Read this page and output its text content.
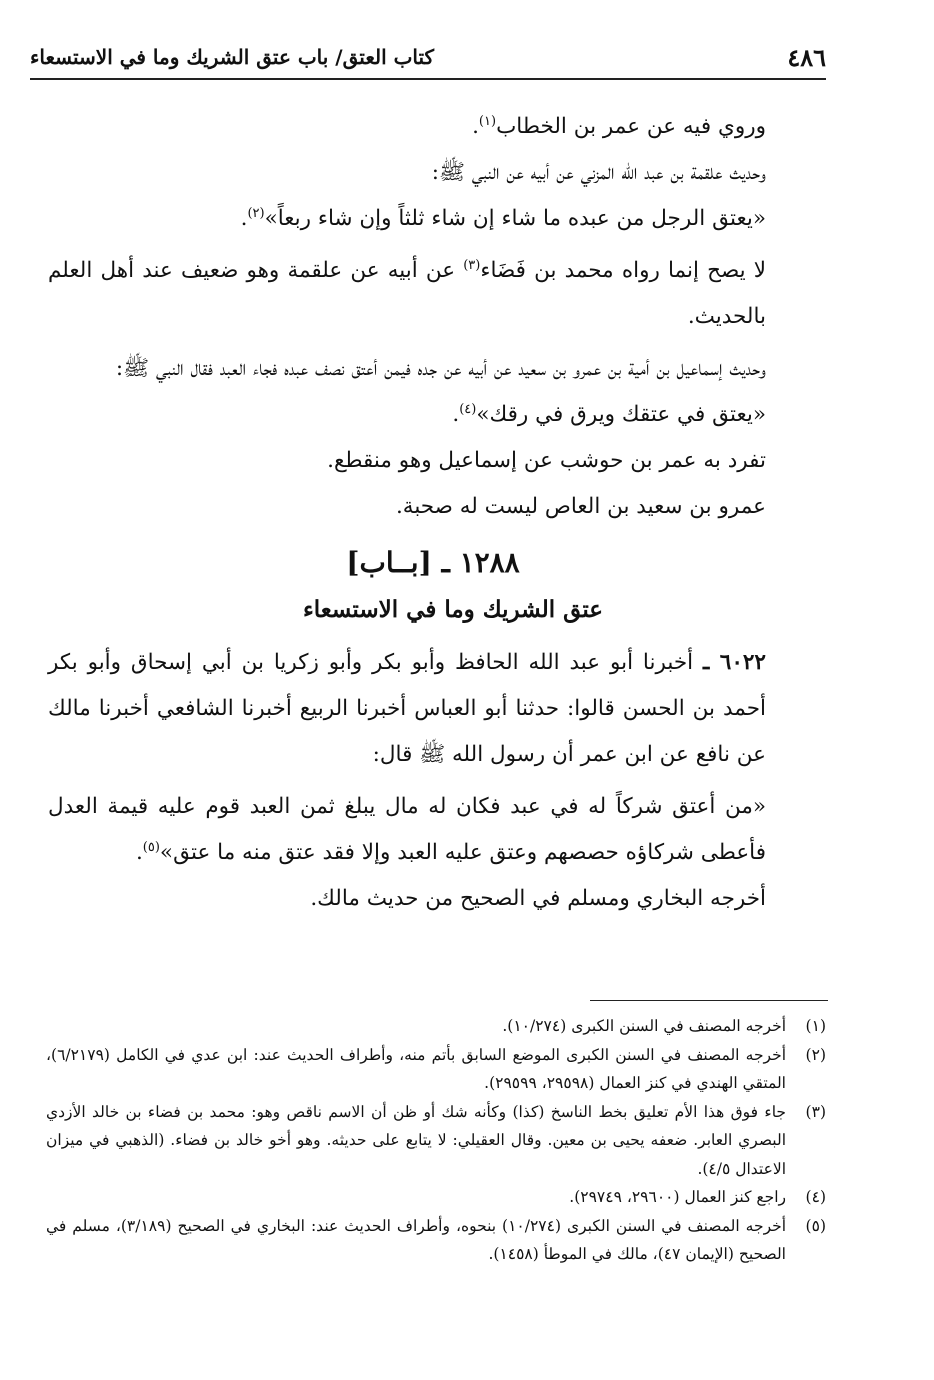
٤٨٦
كتاب العتق/ باب عتق الشريك وما في الاستسعاء

وروي فيه عن عمر بن الخطاب$^{(١)}$.

وحديث علقمة بن عبد الله المزني عن أبيه عن النبي ﷺ:

«يعتق الرجل من عبده ما شاء إن شاء ثلثاً وإن شاء ربعاً»$^{(٢)}$.

لا يصح إنما رواه محمد بن فَضَاء$^{(٣)}$ عن أبيه عن علقمة وهو ضعيف عند أهل العلم بالحديث.

وحديث إسماعيل بن أمية بن عمرو بن سعيد عن أبيه عن جده فيمن أعتق نصف عبده فجاء العبد فقال النبي ﷺ:

«يعتق في عتقك ويرق في رقك»$^{(٤)}$.

تفرد به عمر بن حوشب عن إسماعيل وهو منقطع.

عمرو بن سعيد بن العاص ليست له صحبة.

١٢٨٨ ـ [بــاب]
عتق الشريك وما في الاستسعاء

٦٠٢٢ ـ أخبرنا أبو عبد الله الحافظ وأبو بكر وأبو زكريا بن أبي إسحاق وأبو بكر أحمد بن الحسن قالوا: حدثنا أبو العباس أخبرنا الربيع أخبرنا الشافعي أخبرنا مالك عن نافع عن ابن عمر أن رسول الله ﷺ قال:

«من أعتق شركاً له في عبد فكان له مال يبلغ ثمن العبد قوم عليه قيمة العدل فأعطى شركاؤه حصصهم وعتق عليه العبد وإلا فقد عتق منه ما عتق»$^{(٥)}$.

أخرجه البخاري ومسلم في الصحيح من حديث مالك.

(١)
أخرجه المصنف في السنن الكبرى (١٠/٢٧٤).
(٢)
أخرجه المصنف في السنن الكبرى الموضع السابق بأتم منه، وأطراف الحديث عند: ابن عدي في الكامل (٦/٢١٧٩)، المتقي الهندي في كنز العمال (٢٩٥٩٨، ٢٩٥٩٩).
(٣)
جاء فوق هذا الأم تعليق بخط الناسخ (كذا) وكأنه شك أو ظن أن الاسم ناقص وهو: محمد بن فضاء بن خالد الأزدي البصري العابر. ضعفه يحيى بن معين. وقال العقيلي: لا يتابع على حديثه. وهو أخو خالد بن فضاء. (الذهبي في ميزان الاعتدال ٤/٥).
(٤)
راجع كنز العمال (٢٩٦٠٠، ٢٩٧٤٩).
(٥)
أخرجه المصنف في السنن الكبرى (١٠/٢٧٤) بنحوه، وأطراف الحديث عند: البخاري في الصحيح (٣/١٨٩)، مسلم في الصحيح (الإيمان ٤٧)، مالك في الموطأ (١٤٥٨).
